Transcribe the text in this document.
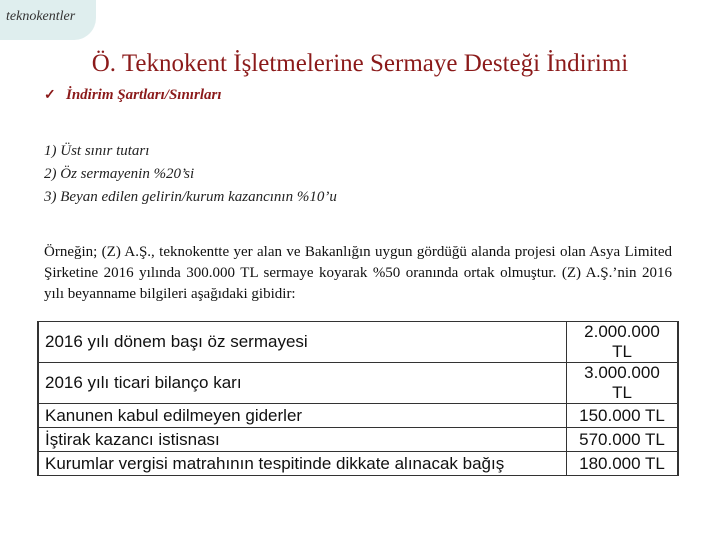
teknokentler
Ö. Teknokent İşletmelerine Sermaye Desteği İndirimi
✓ İndirim Şartları/Sınırları
1) Üst sınır tutarı
2) Öz sermayenin %20’si
3) Beyan edilen gelirin/kurum kazancının %10’u
Örneğin; (Z) A.Ş., teknokentte yer alan ve Bakanlığın uygun gördüğü alanda projesi olan Asya Limited Şirketine 2016 yılında 300.000 TL sermaye koyarak %50 oranında ortak olmuştur. (Z) A.Ş.’nin 2016 yılı beyanname bilgileri aşağıdaki gibidir:
2016 yılı dönem başı öz sermayesi	2.000.000 TL
2016 yılı ticari bilanço karı	3.000.000 TL
Kanunen kabul edilmeyen giderler	150.000 TL
İştirak kazancı istisnası	570.000 TL
Kurumlar vergisi matrahının tespitinde dikkate alınacak bağış	180.000 TL
